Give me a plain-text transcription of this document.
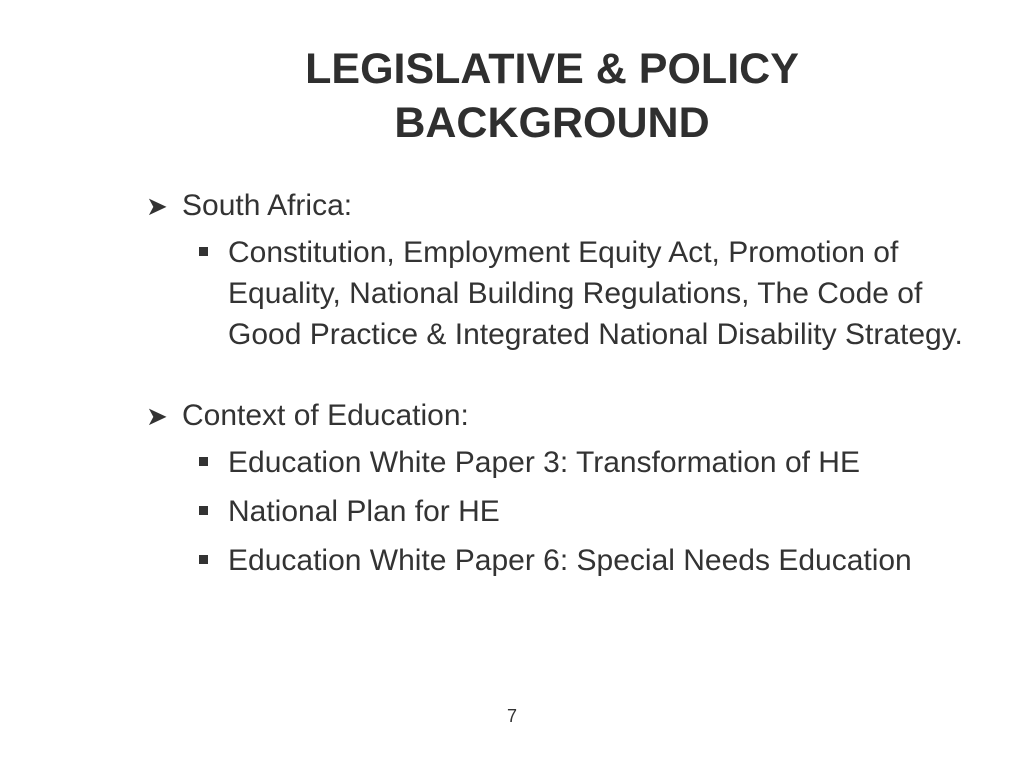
LEGISLATIVE & POLICY
BACKGROUND
➤ South Africa:
Constitution, Employment Equity Act, Promotion of Equality, National Building Regulations, The Code of Good Practice & Integrated National Disability Strategy.
➤ Context of Education:
Education White Paper 3: Transformation of HE
National Plan for HE
Education White Paper 6: Special Needs Education
7
